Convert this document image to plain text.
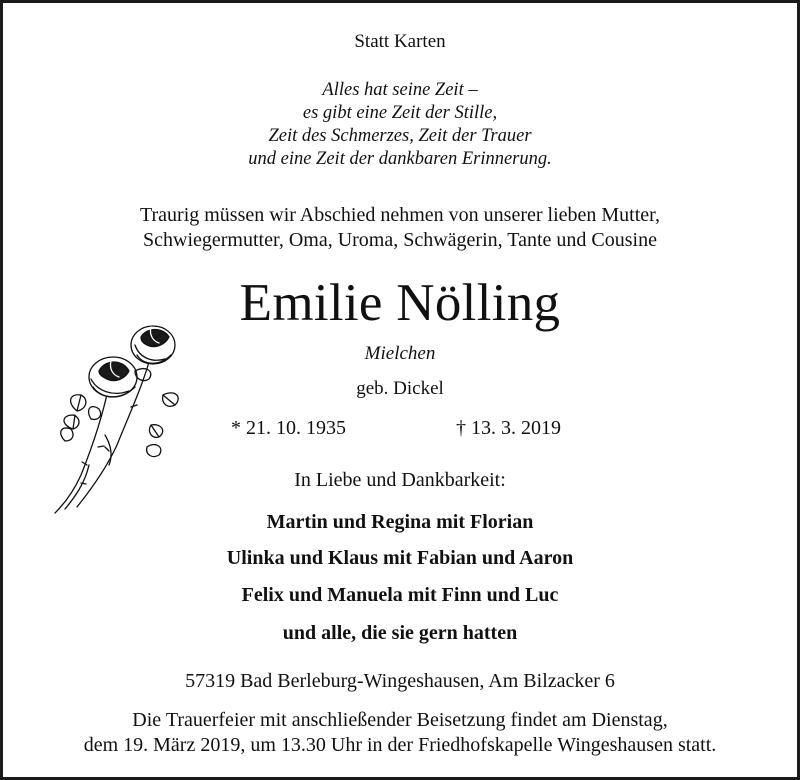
Statt Karten
Alles hat seine Zeit –
es gibt eine Zeit der Stille,
Zeit des Schmerzes, Zeit der Trauer
und eine Zeit der dankbaren Erinnerung.
Traurig müssen wir Abschied nehmen von unserer lieben Mutter,
Schwiegermutter, Oma, Uroma, Schwägerin, Tante und Cousine
Emilie Nölling
Mielchen
geb. Dickel
* 21. 10. 1935	† 13. 3. 2019
In Liebe und Dankbarkeit:
Martin und Regina mit Florian
Ulinka und Klaus mit Fabian und Aaron
Felix und Manuela mit Finn und Luc
und alle, die sie gern hatten
57319 Bad Berleburg-Wingeshausen, Am Bilzacker 6
Die Trauerfeier mit anschließender Beisetzung findet am Dienstag,
dem 19. März 2019, um 13.30 Uhr in der Friedhofskapelle Wingeshausen statt.
